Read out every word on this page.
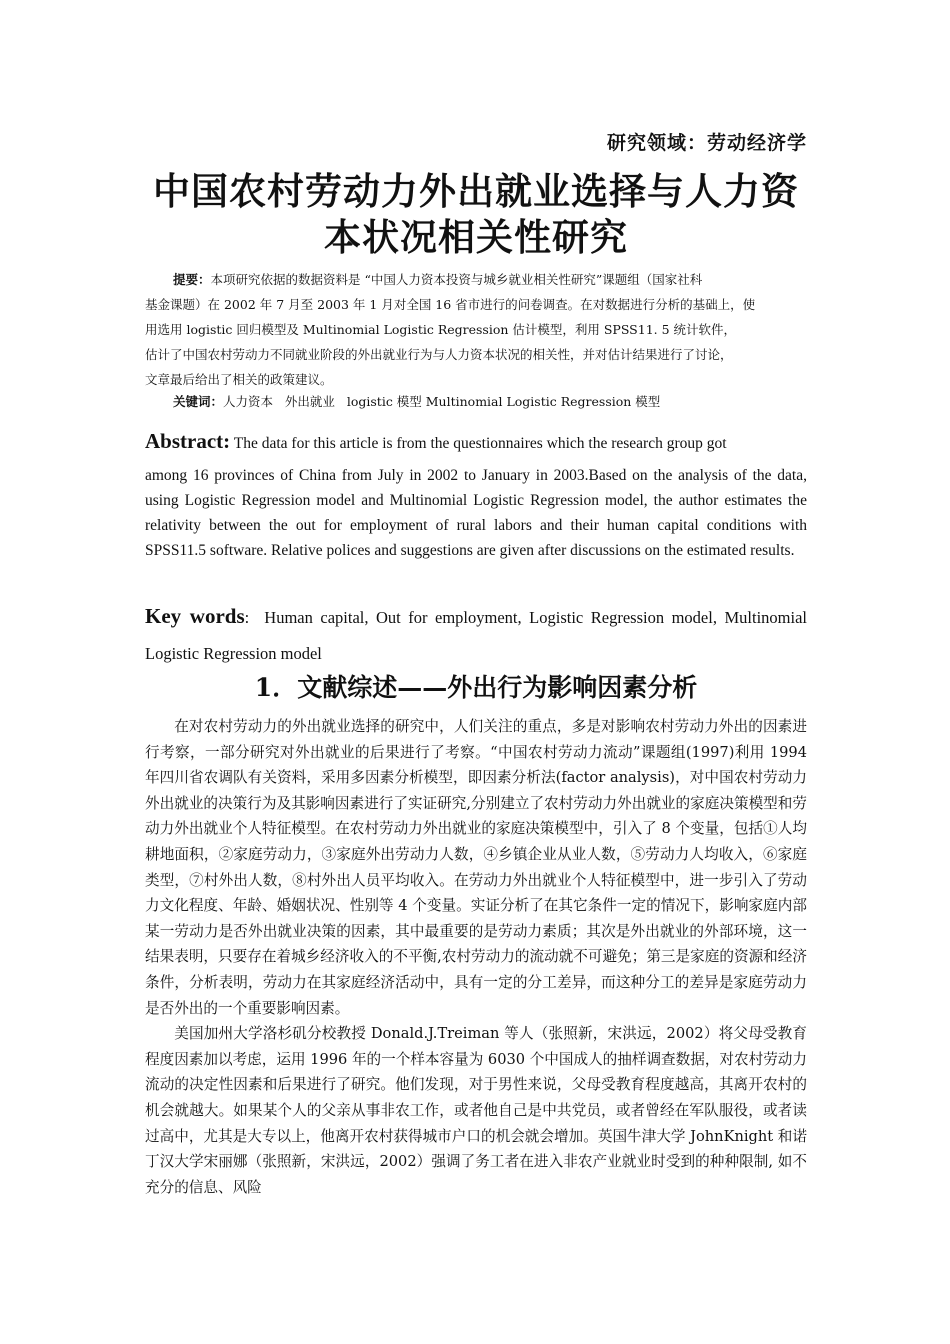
研究领域：劳动经济学
中国农村劳动力外出就业选择与人力资
本状况相关性研究
提要：本项研究依据的数据资料是 “中国人力资本投资与城乡就业相关性研究”课题组（国家社科
基金课题）在 2002 年 7 月至 2003 年 1 月对全国 16 省市进行的问卷调查。在对数据进行分析的基础上，使
用选用 logistic 回归模型及 Multinomial Logistic Regression 估计模型，利用 SPSS11. 5 统计软件，
估计了中国农村劳动力不同就业阶段的外出就业行为与人力资本状况的相关性，并对估计结果进行了讨论，
文章最后给出了相关的政策建议。
关键词：人力资本   外出就业   logistic 模型 Multinomial Logistic Regression 模型
Abstract: The data for this article is from the questionnaires which the research group got
among 16 provinces of China from July in 2002 to January in 2003.Based on the analysis of the data, using Logistic Regression model and Multinomial Logistic Regression model, the author estimates the relativity between the out for employment of rural labors and their human capital conditions with SPSS11.5 software. Relative polices and suggestions are given after discussions on the estimated results.
Key words: Human capital, Out for employment, Logistic Regression model, Multinomial Logistic Regression model
1．文献综述——外出行为影响因素分析

在对农村劳动力的外出就业选择的研究中，人们关注的重点，多是对影响农村劳动力外出的因素进行考察，一部分研究对外出就业的后果进行了考察。“中国农村劳动力流动”课题组(1997)利用 1994 年四川省农调队有关资料，采用多因素分析模型，即因素分析法(factor analysis)，对中国农村劳动力外出就业的决策行为及其影响因素进行了实证研究,分别建立了农村劳动力外出就业的家庭决策模型和劳动力外出就业个人特征模型。在农村劳动力外出就业的家庭决策模型中，引入了 8 个变量，包括①人均耕地面积，②家庭劳动力，③家庭外出劳动力人数，④乡镇企业从业人数，⑤劳动力人均收入，⑥家庭类型，⑦村外出人数，⑧村外出人员平均收入。在劳动力外出就业个人特征模型中，进一步引入了劳动力文化程度、年龄、婚姻状况、性别等 4 个变量。实证分析了在其它条件一定的情况下，影响家庭内部某一劳动力是否外出就业决策的因素，其中最重要的是劳动力素质；其次是外出就业的外部环境，这一结果表明，只要存在着城乡经济收入的不平衡,农村劳动力的流动就不可避免；第三是家庭的资源和经济条件，分析表明，劳动力在其家庭经济活动中，具有一定的分工差异，而这种分工的差异是家庭劳动力是否外出的一个重要影响因素。

美国加州大学洛杉矶分校教授 Donald.J.Treiman 等人（张照新，宋洪远，2002）将父母受教育程度因素加以考虑，运用 1996 年的一个样本容量为 6030 个中国成人的抽样调查数据，对农村劳动力流动的决定性因素和后果进行了研究。他们发现，对于男性来说，父母受教育程度越高，其离开农村的机会就越大。如果某个人的父亲从事非农工作，或者他自己是中共党员，或者曾经在军队服役，或者读过高中，尤其是大专以上，他离开农村获得城市户口的机会就会增加。英国牛津大学 JohnKnight 和诺丁汉大学宋丽娜（张照新，宋洪远，2002）强调了务工者在进入非农产业就业时受到的种种限制, 如不充分的信息、风险
